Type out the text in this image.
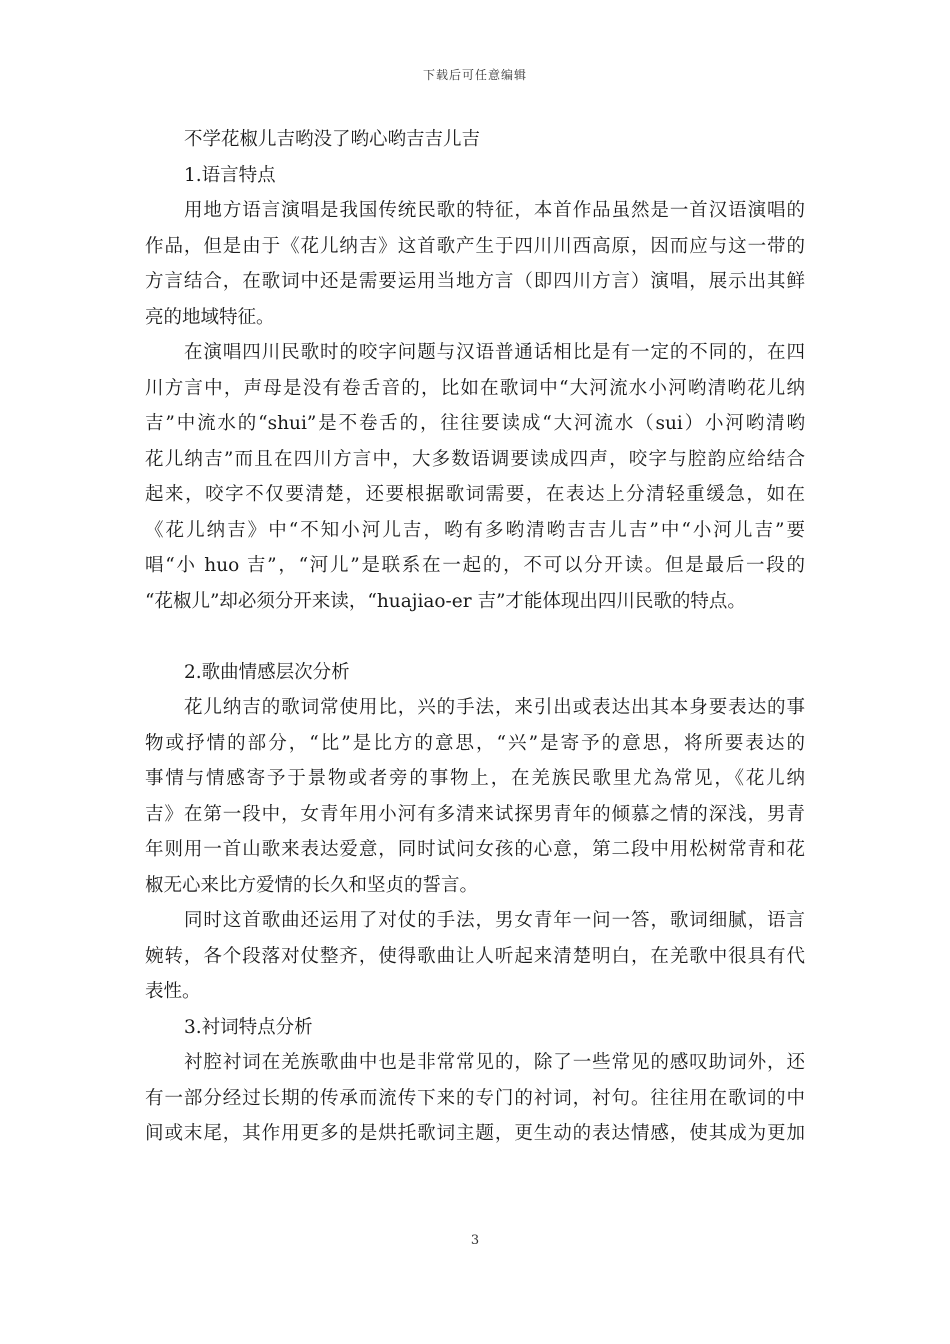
下载后可任意编辑
不学花椒儿吉哟没了哟心哟吉吉儿吉
1.语言特点
用地方语言演唱是我国传统民歌的特征，本首作品虽然是一首汉语演唱的
作品，但是由于《花儿纳吉》这首歌产生于四川川西高原，因而应与这一带的
方言结合，在歌词中还是需要运用当地方言（即四川方言）演唱，展示出其鲜
亮的地域特征。
在演唱四川民歌时的咬字问题与汉语普通话相比是有一定的不同的，在四
川方言中，声母是没有卷舌音的，比如在歌词中“大河流水小河哟清哟花儿纳
吉”中流水的“shui”是不卷舌的，往往要读成“大河流水（sui）小河哟清哟
花儿纳吉”而且在四川方言中，大多数语调要读成四声，咬字与腔韵应给结合
起来，咬字不仅要清楚，还要根据歌词需要，在表达上分清轻重缓急，如在
《花儿纳吉》中“不知小河儿吉，哟有多哟清哟吉吉儿吉”中“小河儿吉”要
唱“小 huo 吉”，“河儿”是联系在一起的，不可以分开读。但是最后一段的
“花椒儿”却必须分开来读，“huajiao-er 吉”才能体现出四川民歌的特点。
2.歌曲情感层次分析
花儿纳吉的歌词常使用比，兴的手法，来引出或表达出其本身要表达的事
物或抒情的部分，“比”是比方的意思，“兴”是寄予的意思，将所要表达的
事情与情感寄予于景物或者旁的事物上，在羌族民歌里尤為常见，《花儿纳
吉》在第一段中，女青年用小河有多清来试探男青年的倾慕之情的深浅，男青
年则用一首山歌来表达爱意，同时试问女孩的心意，第二段中用松树常青和花
椒无心来比方爱情的长久和坚贞的誓言。
同时这首歌曲还运用了对仗的手法，男女青年一问一答，歌词细腻，语言
婉转，各个段落对仗整齐，使得歌曲让人听起来清楚明白，在羌歌中很具有代
表性。
3.衬词特点分析
衬腔衬词在羌族歌曲中也是非常常见的，除了一些常见的感叹助词外，还
有一部分经过长期的传承而流传下来的专门的衬词，衬句。往往用在歌词的中
间或末尾，其作用更多的是烘托歌词主题，更生动的表达情感，使其成为更加
3
